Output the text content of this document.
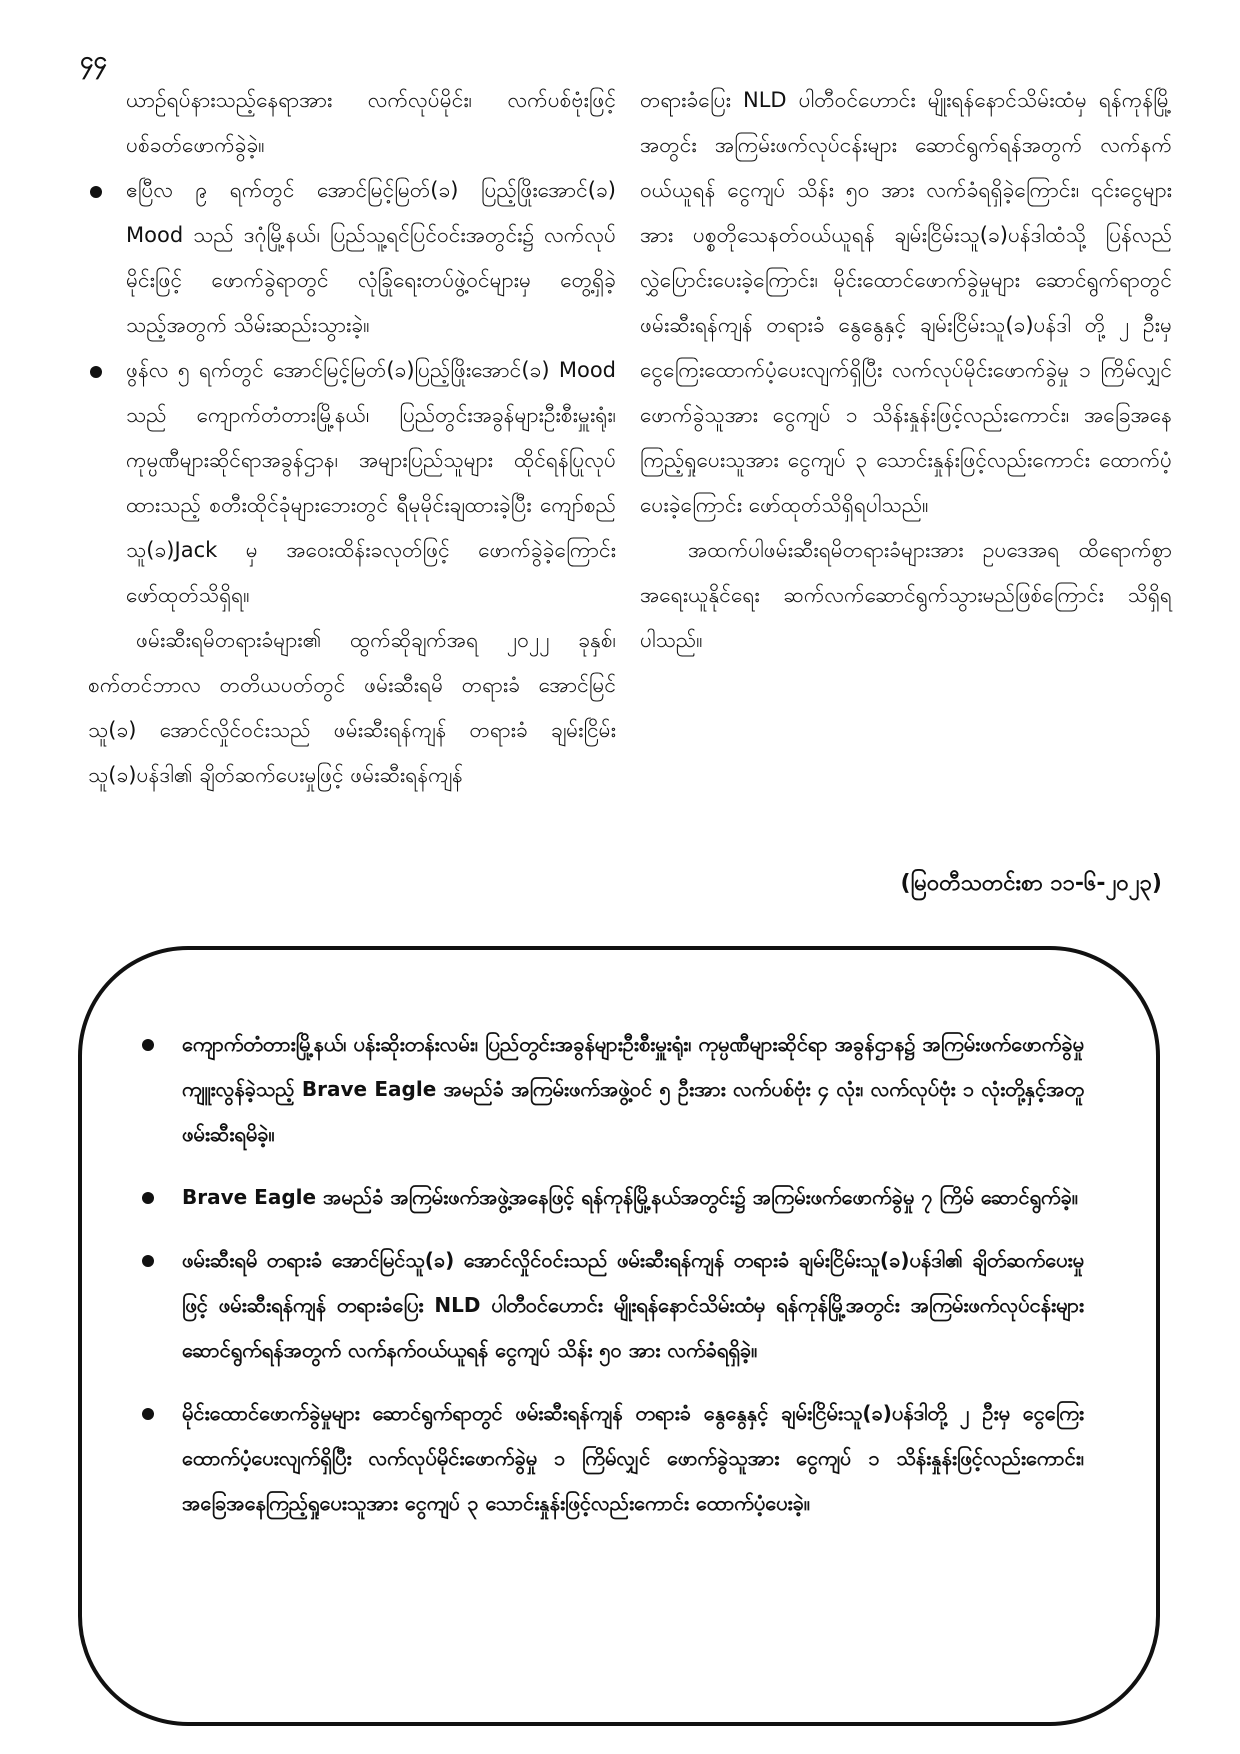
၄၄
ယာဉ်ရပ်နားသည့်နေရာအား လက်လုပ်မိုင်း၊ လက်ပစ်ဗုံးဖြင့် ပစ်ခတ်ဖောက်ခွဲခဲ့။
ဧပြီလ ၉ ရက်တွင် အောင်မြင့်မြတ်(ခ) ပြည့်ဖြိုးအောင်(ခ) Mood သည် ဒဂုံမြို့နယ်၊ ပြည်သူ့ရင်ပြင်ဝင်းအတွင်း၌ လက်လုပ်မိုင်းဖြင့် ဖောက်ခွဲရာတွင် လုံခြုံရေးတပ်ဖွဲ့ဝင်များမှ တွေ့ရှိခဲ့သည့်အတွက် သိမ်းဆည်းသွားခဲ့။
ဖွန်လ ၅ ရက်တွင် အောင်မြင့်မြတ်(ခ)ပြည့်ဖြိုးအောင်(ခ) Mood သည် ကျောက်တံတားမြို့နယ်၊ ပြည်တွင်းအခွန်များဦးစီးမှူးရုံး၊ ကုမ္ပဏီများဆိုင်ရာအခွန်ဌာန၊ အများပြည်သူများ ထိုင်ရန်ပြုလုပ်ထားသည့် စတီးထိုင်ခုံများဘေးတွင် ရီမုမိုင်းချထားခဲ့ပြီး ကျော်စည်သူ(ခ)Jack မှ အဝေးထိန်းခလုတ်ဖြင့် ဖောက်ခွဲခဲ့ကြောင်း ဖော်ထုတ်သိရှိရ။

ဖမ်းဆီးရမိတရားခံများ၏ ထွက်ဆိုချက်အရ ၂၀၂၂ ခုနှစ်၊ စက်တင်ဘာလ တတိယပတ်တွင် ဖမ်းဆီးရမိ တရားခံ အောင်မြင်သူ(ခ) အောင်လှိုင်ဝင်းသည် ဖမ်းဆီးရန်ကျန် တရားခံ ချမ်းငြိမ်းသူ(ခ)ပန်ဒါ၏ ချိတ်ဆက်ပေးမှုဖြင့် ဖမ်းဆီးရန်ကျန်

တရားခံပြေး NLD ပါတီဝင်ဟောင်း မျိုးရန်နောင်သိမ်းထံမှ ရန်ကုန်မြို့အတွင်း အကြမ်းဖက်လုပ်ငန်းများ ဆောင်ရွက်ရန်အတွက် လက်နက်ဝယ်ယူရန် ငွေကျပ် သိန်း ၅၀ အား လက်ခံရရှိခဲ့ကြောင်း၊ ၎င်းငွေများအား ပစ္စတိုသေနတ်ဝယ်ယူရန် ချမ်းငြိမ်းသူ(ခ)ပန်ဒါထံသို့ ပြန်လည်လွှဲပြောင်းပေးခဲ့ကြောင်း၊ မိုင်းထောင်ဖောက်ခွဲမှုများ ဆောင်ရွက်ရာတွင် ဖမ်းဆီးရန်ကျန် တရားခံ နွေနွေနှင့် ချမ်းငြိမ်းသူ(ခ)ပန်ဒါ တို့ ၂ ဦးမှ ငွေကြေးထောက်ပံ့ပေးလျက်ရှိပြီး လက်လုပ်မိုင်းဖောက်ခွဲမှု ၁ ကြိမ်လျှင် ဖောက်ခွဲသူအား ငွေကျပ် ၁ သိန်းနှုန်းဖြင့်လည်းကောင်း၊ အခြေအနေကြည့်ရှုပေးသူအား ငွေကျပ် ၃ သောင်းနှုန်းဖြင့်လည်းကောင်း ထောက်ပံ့ပေးခဲ့ကြောင်း ဖော်ထုတ်သိရှိရပါသည်။

အထက်ပါဖမ်းဆီးရမိတရားခံများအား ဥပဒေအရ ထိရောက်စွာအရေးယူနိုင်ရေး ဆက်လက်ဆောင်ရွက်သွားမည်ဖြစ်ကြောင်း သိရှိရပါသည်။

(မြဝတီသတင်းစာ ၁၁-၆-၂၀၂၃)
ကျောက်တံတားမြို့နယ်၊ ပန်းဆိုးတန်းလမ်း၊ ပြည်တွင်းအခွန်များဦးစီးမှူးရုံး၊ ကုမ္ပဏီများဆိုင်ရာ အခွန်ဌာန၌ အကြမ်းဖက်ဖောက်ခွဲမှုကျူးလွန်ခဲ့သည့် Brave Eagle အမည်ခံ အကြမ်းဖက်အဖွဲ့ဝင် ၅ ဦးအား လက်ပစ်ဗုံး ၄ လုံး၊ လက်လုပ်ဗုံး ၁ လုံးတို့နှင့်အတူ ဖမ်းဆီးရမိခဲ့။
Brave Eagle အမည်ခံ အကြမ်းဖက်အဖွဲ့အနေဖြင့် ရန်ကုန်မြို့နယ်အတွင်း၌ အကြမ်းဖက်ဖောက်ခွဲမှု ၇ ကြိမ် ဆောင်ရွက်ခဲ့။
ဖမ်းဆီးရမိ တရားခံ အောင်မြင်သူ(ခ) အောင်လှိုင်ဝင်းသည် ဖမ်းဆီးရန်ကျန် တရားခံ ချမ်းငြိမ်းသူ(ခ)ပန်ဒါ၏ ချိတ်ဆက်ပေးမှုဖြင့် ဖမ်းဆီးရန်ကျန် တရားခံပြေး NLD ပါတီဝင်ဟောင်း မျိုးရန်နောင်သိမ်းထံမှ ရန်ကုန်မြို့အတွင်း အကြမ်းဖက်လုပ်ငန်းများဆောင်ရွက်ရန်အတွက် လက်နက်ဝယ်ယူရန် ငွေကျပ် သိန်း ၅၀ အား လက်ခံရရှိခဲ့။
မိုင်းထောင်ဖောက်ခွဲမှုများ ဆောင်ရွက်ရာတွင် ဖမ်းဆီးရန်ကျန် တရားခံ နွေနွေနှင့် ချမ်းငြိမ်းသူ(ခ)ပန်ဒါတို့ ၂ ဦးမှ ငွေကြေးထောက်ပံ့ပေးလျက်ရှိပြီး လက်လုပ်မိုင်းဖောက်ခွဲမှု ၁ ကြိမ်လျှင် ဖောက်ခွဲသူအား ငွေကျပ် ၁ သိန်းနှုန်းဖြင့်လည်းကောင်း၊ အခြေအနေကြည့်ရှုပေးသူအား ငွေကျပ် ၃ သောင်းနှုန်းဖြင့်လည်းကောင်း ထောက်ပံ့ပေးခဲ့။
